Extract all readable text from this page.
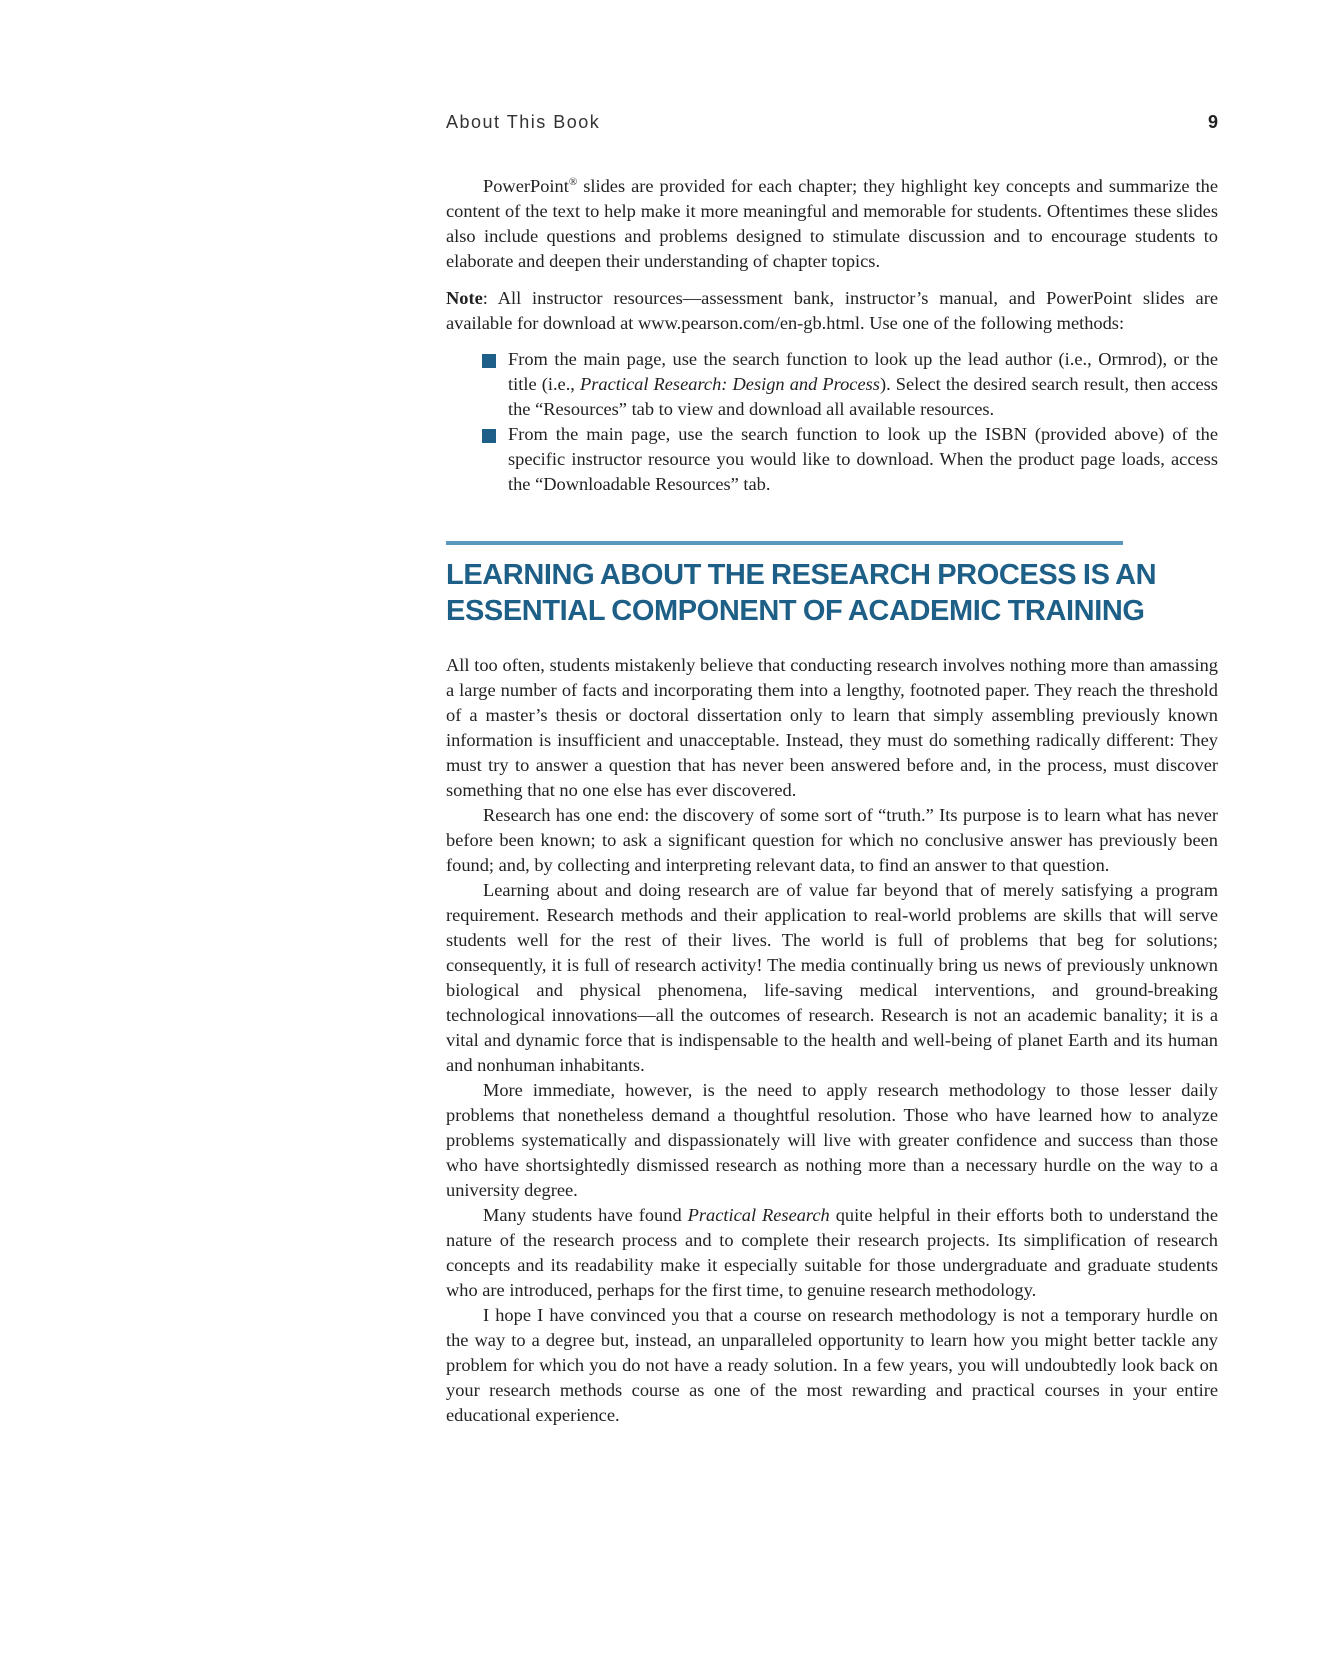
About This Book	9

PowerPoint® slides are provided for each chapter; they highlight key concepts and summarize the content of the text to help make it more meaningful and memorable for students. Oftentimes these slides also include questions and problems designed to stimulate discussion and to encourage students to elaborate and deepen their understanding of chapter topics.

Note: All instructor resources—assessment bank, instructor’s manual, and PowerPoint slides are available for download at www.pearson.com/en-gb.html. Use one of the following methods:

From the main page, use the search function to look up the lead author (i.e., Ormrod), or the title (i.e., Practical Research: Design and Process). Select the desired search result, then access the “Resources” tab to view and download all available resources.
From the main page, use the search function to look up the ISBN (provided above) of the specific instructor resource you would like to download. When the product page loads, access the “Downloadable Resources” tab.
LEARNING ABOUT THE RESEARCH PROCESS IS AN
ESSENTIAL COMPONENT OF ACADEMIC TRAINING

All too often, students mistakenly believe that conducting research involves nothing more than amassing a large number of facts and incorporating them into a lengthy, footnoted paper. They reach the threshold of a master’s thesis or doctoral dissertation only to learn that simply assembling previously known information is insufficient and unacceptable. Instead, they must do something radically different: They must try to answer a question that has never been answered before and, in the process, must discover something that no one else has ever discovered.

Research has one end: the discovery of some sort of “truth.” Its purpose is to learn what has never before been known; to ask a significant question for which no conclusive answer has previously been found; and, by collecting and interpreting relevant data, to find an answer to that question.

Learning about and doing research are of value far beyond that of merely satisfying a program requirement. Research methods and their application to real-world problems are skills that will serve students well for the rest of their lives. The world is full of problems that beg for solutions; consequently, it is full of research activity! The media continually bring us news of previously unknown biological and physical phenomena, life-saving medical interventions, and ground-breaking technological innovations—all the outcomes of research. Research is not an academic banality; it is a vital and dynamic force that is indispensable to the health and well-being of planet Earth and its human and nonhuman inhabitants.

More immediate, however, is the need to apply research methodology to those lesser daily problems that nonetheless demand a thoughtful resolution. Those who have learned how to analyze problems systematically and dispassionately will live with greater confidence and success than those who have shortsightedly dismissed research as nothing more than a necessary hurdle on the way to a university degree.

Many students have found Practical Research quite helpful in their efforts both to understand the nature of the research process and to complete their research projects. Its simplification of research concepts and its readability make it especially suitable for those undergraduate and graduate students who are introduced, perhaps for the first time, to genuine research methodology.

I hope I have convinced you that a course on research methodology is not a temporary hurdle on the way to a degree but, instead, an unparalleled opportunity to learn how you might better tackle any problem for which you do not have a ready solution. In a few years, you will undoubtedly look back on your research methods course as one of the most rewarding and practical courses in your entire educational experience.
